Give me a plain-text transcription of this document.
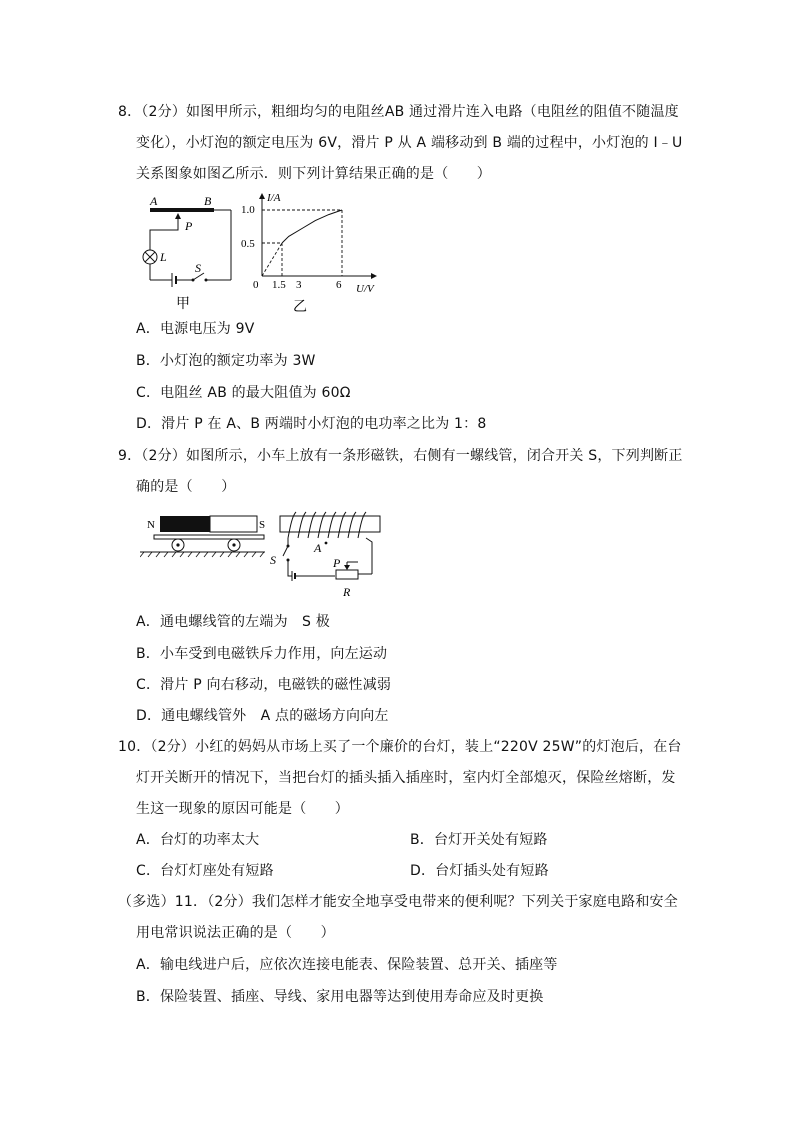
8．（2分）如图甲所示，粗细均匀的电阻丝AB 通过滑片连入电路（电阻丝的阻值不随温度
变化），小灯泡的额定电压为 6V，滑片 P 从 A 端移动到 B 端的过程中，小灯泡的 I﹣U
关系图象如图乙所示．则下列计算结果正确的是（　　）
A	B
P
L
S
甲
I/A
U/V
1.0
0.5
0 1.5 3	6
乙
A．电源电压为 9V
B．小灯泡的额定功率为 3W
C．电阻丝 AB 的最大阻值为 60Ω
D．滑片 P 在 A、B 两端时小灯泡的电功率之比为 1：8
9．（2分）如图所示，小车上放有一条形磁铁，右侧有一螺线管，闭合开关 S，下列判断正
确的是（　　）
N	S
S
A
P
R
A．通电螺线管的左端为　S 极
B．小车受到电磁铁斥力作用，向左运动
C．滑片 P 向右移动，电磁铁的磁性减弱
D．通电螺线管外　A 点的磁场方向向左
10．（2分）小红的妈妈从市场上买了一个廉价的台灯，装上“220V 25W”的灯泡后，在台
灯开关断开的情况下，当把台灯的插头插入插座时，室内灯全部熄灭，保险丝熔断，发
生这一现象的原因可能是（　　）
A．台灯的功率太大	B．台灯开关处有短路
C．台灯灯座处有短路	D．台灯插头处有短路
（多选）11．（2分）我们怎样才能安全地享受电带来的便利呢？下列关于家庭电路和安全
用电常识说法正确的是（　　）
A．输电线进户后，应依次连接电能表、保险装置、总开关、插座等
B．保险装置、插座、导线、家用电器等达到使用寿命应及时更换
